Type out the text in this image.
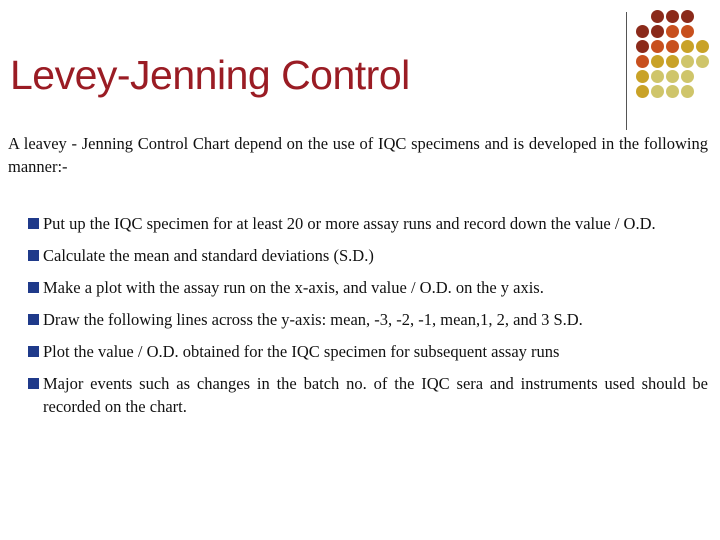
Levey-Jenning Control
A leavey - Jenning Control Chart depend on the use of IQC specimens and is developed in the following manner:-
Put up the IQC specimen for at least 20 or more assay runs and record down the value / O.D.
Calculate the mean and standard deviations (S.D.)
Make a plot with the assay run on the x-axis, and value / O.D. on the y axis.
Draw the following lines across the y-axis: mean, -3, -2, -1, mean,1, 2, and 3 S.D.
Plot the value / O.D. obtained for the IQC specimen for subsequent assay runs
Major events such as changes in the batch no. of the IQC sera and instruments used should be recorded on the chart.
